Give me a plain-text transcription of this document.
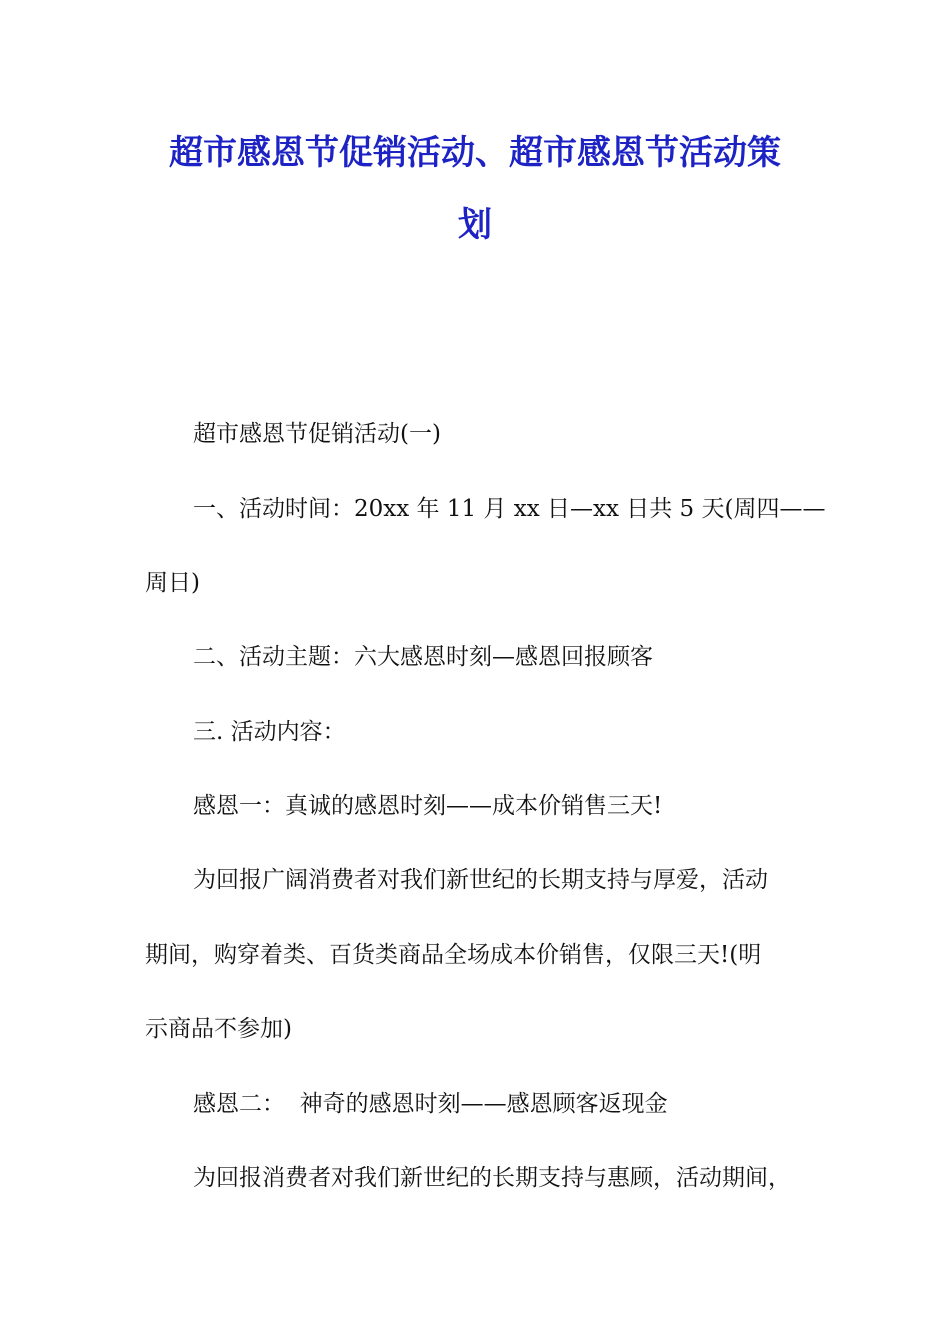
超市感恩节促销活动、超市感恩节活动策
划

超市感恩节促销活动(一)

一、活动时间：20xx 年 11 月 xx 日—xx 日共 5 天(周四——

周日)

二、活动主题：六大感恩时刻—感恩回报顾客

三. 活动内容：

感恩一：真诚的感恩时刻——成本价销售三天!

为回报广阔消费者对我们新世纪的长期支持与厚爱，活动

期间，购穿着类、百货类商品全场成本价销售，仅限三天!(明

示商品不参加)

感恩二：  神奇的感恩时刻——感恩顾客返现金

为回报消费者对我们新世纪的长期支持与惠顾，活动期间，
